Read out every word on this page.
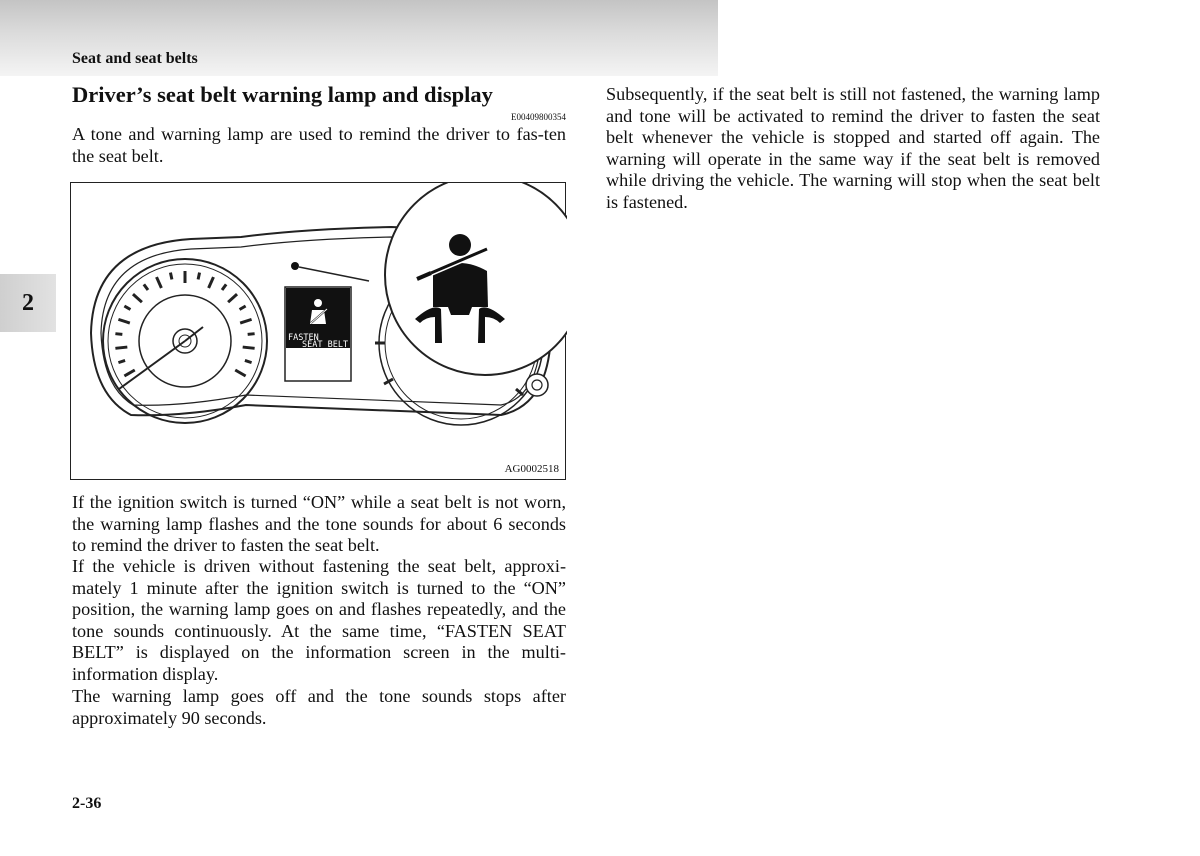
Seat and seat belts
2
Driver’s seat belt warning lamp and display
E00409800354

A tone and warning lamp are used to remind the driver to fas-ten the seat belt.

FASTEN
SEAT BELT
AG0002518

If the ignition switch is turned “ON” while a seat belt is not worn, the warning lamp flashes and the tone sounds for about 6 seconds to remind the driver to fasten the seat belt.

If the vehicle is driven without fastening the seat belt, approxi-mately 1 minute after the ignition switch is turned to the “ON” position, the warning lamp goes on and flashes repeatedly, and the tone sounds continuously. At the same time, “FASTEN SEAT BELT” is displayed on the information screen in the multi-information display.

The warning lamp goes off and the tone sounds stops after approximately 90 seconds.

Subsequently, if the seat belt is still not fastened, the warning lamp and tone will be activated to remind the driver to fasten the seat belt whenever the vehicle is stopped and started off again. The warning will operate in the same way if the seat belt is removed while driving the vehicle. The warning will stop when the seat belt is fastened.

2-36
